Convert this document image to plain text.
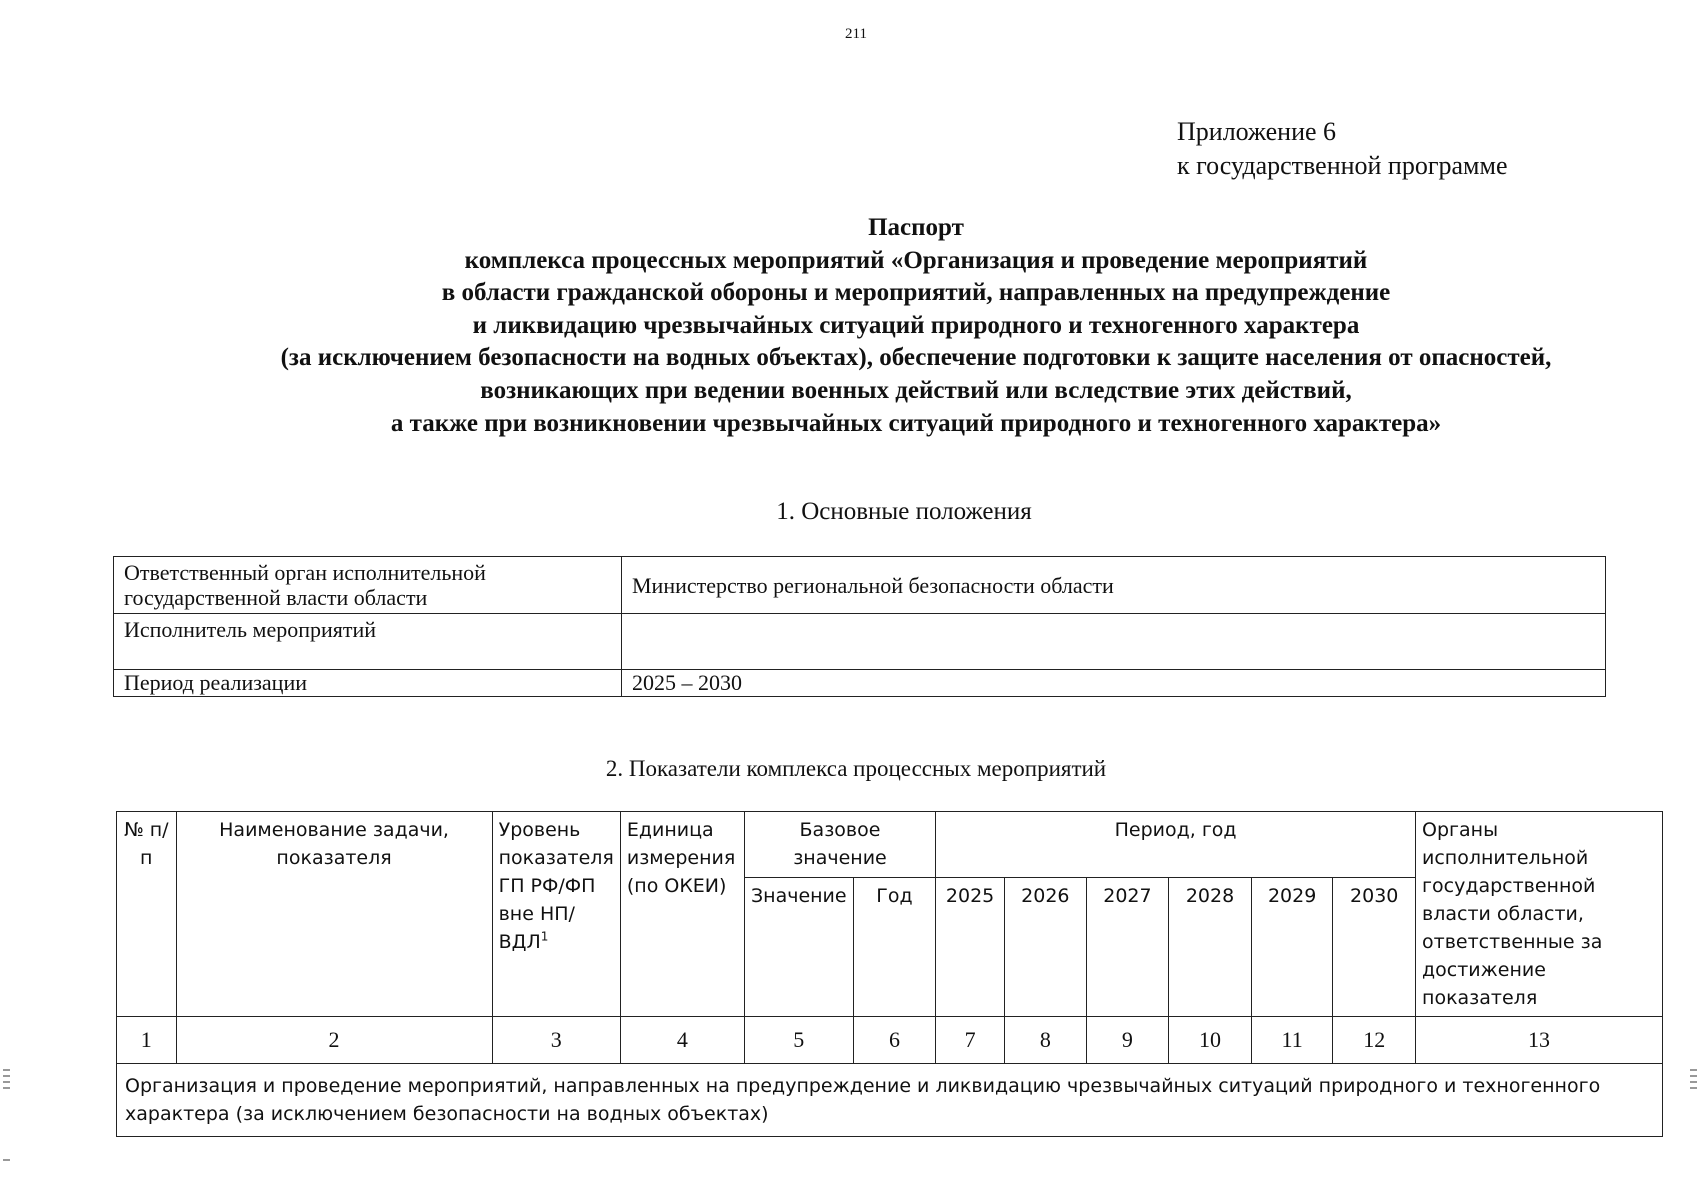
211
Приложение 6
к государственной программе
Паспорт
комплекса процессных мероприятий «Организация и проведение мероприятий
в области гражданской обороны и мероприятий, направленных на предупреждение
и ликвидацию чрезвычайных ситуаций природного и техногенного характера
(за исключением безопасности на водных объектах), обеспечение подготовки к защите населения от опасностей,
возникающих при ведении военных действий или вследствие этих действий,
а также при возникновении чрезвычайных ситуаций природного и техногенного характера»
1. Основные положения
Ответственный орган исполнительной государственной власти области	Министерство региональной безопасности области
Исполнитель мероприятий	
Период реализации	2025 – 2030
2. Показатели комплекса процессных мероприятий
№ п/п	Наименование задачи, показателя	Уровень показателя ГП РФ/ФП вне НП/ВДЛ$^1$	Единица измерения (по ОКЕИ)	Базовое значение		Период, год						Органы исполнительной государственной власти области, ответственные за достижение показателя
				Значение	Год	2025	2026	2027	2028	2029	2030	
1	2	3	4	5	6	7	8	9	10	11	12	13
Организация и проведение мероприятий, направленных на предупреждение и ликвидацию чрезвычайных ситуаций природного и техногенного характера (за исключением безопасности на водных объектах)												
